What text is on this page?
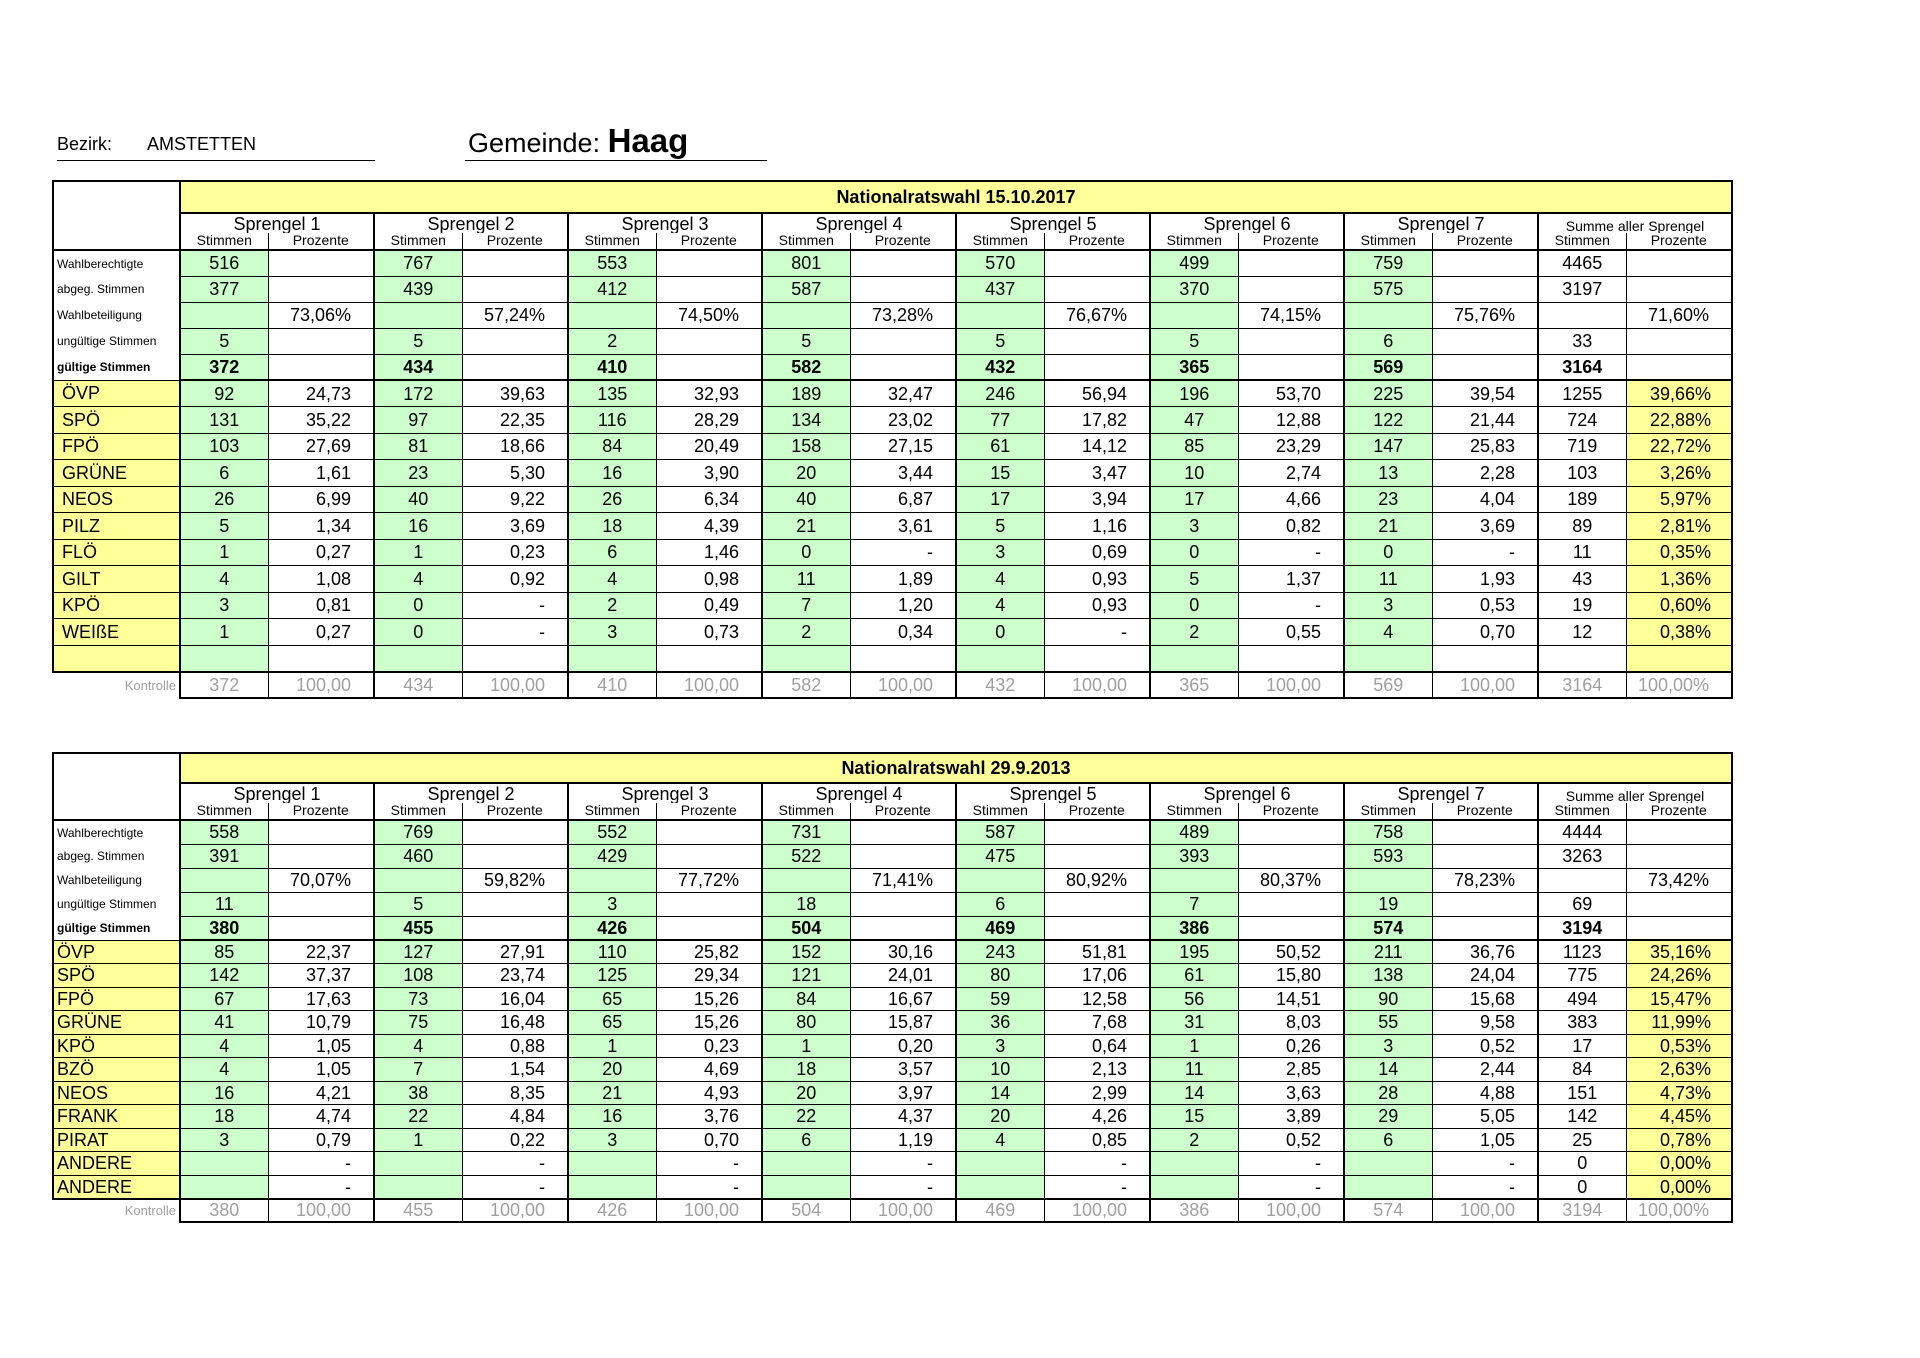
Bezirk: AMSTETTEN	Gemeinde: Haag
	Nationalratswahl 15.10.2017															
	Sprengel 1		Sprengel 2		Sprengel 3		Sprengel 4		Sprengel 5		Sprengel 6		Sprengel 7		Summe aller Sprengel	
	Stimmen	Prozente	Stimmen	Prozente	Stimmen	Prozente	Stimmen	Prozente	Stimmen	Prozente	Stimmen	Prozente	Stimmen	Prozente	Stimmen	Prozente
Wahlberechtigte	516		767		553		801		570		499		759		4465	
abgeg. Stimmen	377		439		412		587		437		370		575		3197	
Wahlbeteiligung		73,06%		57,24%		74,50%		73,28%		76,67%		74,15%		75,76%		71,60%
ungültige Stimmen	5		5		2		5		5		5		6		33	
gültige Stimmen	372		434		410		582		432		365		569		3164	
ÖVP	92	24,73	172	39,63	135	32,93	189	32,47	246	56,94	196	53,70	225	39,54	1255	39,66%
SPÖ	131	35,22	97	22,35	116	28,29	134	23,02	77	17,82	47	12,88	122	21,44	724	22,88%
FPÖ	103	27,69	81	18,66	84	20,49	158	27,15	61	14,12	85	23,29	147	25,83	719	22,72%
GRÜNE	6	1,61	23	5,30	16	3,90	20	3,44	15	3,47	10	2,74	13	2,28	103	3,26%
NEOS	26	6,99	40	9,22	26	6,34	40	6,87	17	3,94	17	4,66	23	4,04	189	5,97%
PILZ	5	1,34	16	3,69	18	4,39	21	3,61	5	1,16	3	0,82	21	3,69	89	2,81%
FLÖ	1	0,27	1	0,23	6	1,46	0	-	3	0,69	0	-	0	-	11	0,35%
GILT	4	1,08	4	0,92	4	0,98	11	1,89	4	0,93	5	1,37	11	1,93	43	1,36%
KPÖ	3	0,81	0	-	2	0,49	7	1,20	4	0,93	0	-	3	0,53	19	0,60%
WEIßE	1	0,27	0	-	3	0,73	2	0,34	0	-	2	0,55	4	0,70	12	0,38%

Kontrolle	372	100,00	434	100,00	410	100,00	582	100,00	432	100,00	365	100,00	569	100,00	3164	100,00%
	Nationalratswahl 29.9.2013															
	Sprengel 1		Sprengel 2		Sprengel 3		Sprengel 4		Sprengel 5		Sprengel 6		Sprengel 7		Summe aller Sprengel	
	Stimmen	Prozente	Stimmen	Prozente	Stimmen	Prozente	Stimmen	Prozente	Stimmen	Prozente	Stimmen	Prozente	Stimmen	Prozente	Stimmen	Prozente
Wahlberechtigte	558		769		552		731		587		489		758		4444	
abgeg. Stimmen	391		460		429		522		475		393		593		3263	
Wahlbeteiligung		70,07%		59,82%		77,72%		71,41%		80,92%		80,37%		78,23%		73,42%
ungültige Stimmen	11		5		3		18		6		7		19		69	
gültige Stimmen	380		455		426		504		469		386		574		3194	
ÖVP	85	22,37	127	27,91	110	25,82	152	30,16	243	51,81	195	50,52	211	36,76	1123	35,16%
SPÖ	142	37,37	108	23,74	125	29,34	121	24,01	80	17,06	61	15,80	138	24,04	775	24,26%
FPÖ	67	17,63	73	16,04	65	15,26	84	16,67	59	12,58	56	14,51	90	15,68	494	15,47%
GRÜNE	41	10,79	75	16,48	65	15,26	80	15,87	36	7,68	31	8,03	55	9,58	383	11,99%
KPÖ	4	1,05	4	0,88	1	0,23	1	0,20	3	0,64	1	0,26	3	0,52	17	0,53%
BZÖ	4	1,05	7	1,54	20	4,69	18	3,57	10	2,13	11	2,85	14	2,44	84	2,63%
NEOS	16	4,21	38	8,35	21	4,93	20	3,97	14	2,99	14	3,63	28	4,88	151	4,73%
FRANK	18	4,74	22	4,84	16	3,76	22	4,37	20	4,26	15	3,89	29	5,05	142	4,45%
PIRAT	3	0,79	1	0,22	3	0,70	6	1,19	4	0,85	2	0,52	6	1,05	25	0,78%
ANDERE		-		-		-		-		-		-		-	0	0,00%
ANDERE		-		-		-		-		-		-		-	0	0,00%
Kontrolle	380	100,00	455	100,00	426	100,00	504	100,00	469	100,00	386	100,00	574	100,00	3194	100,00%
